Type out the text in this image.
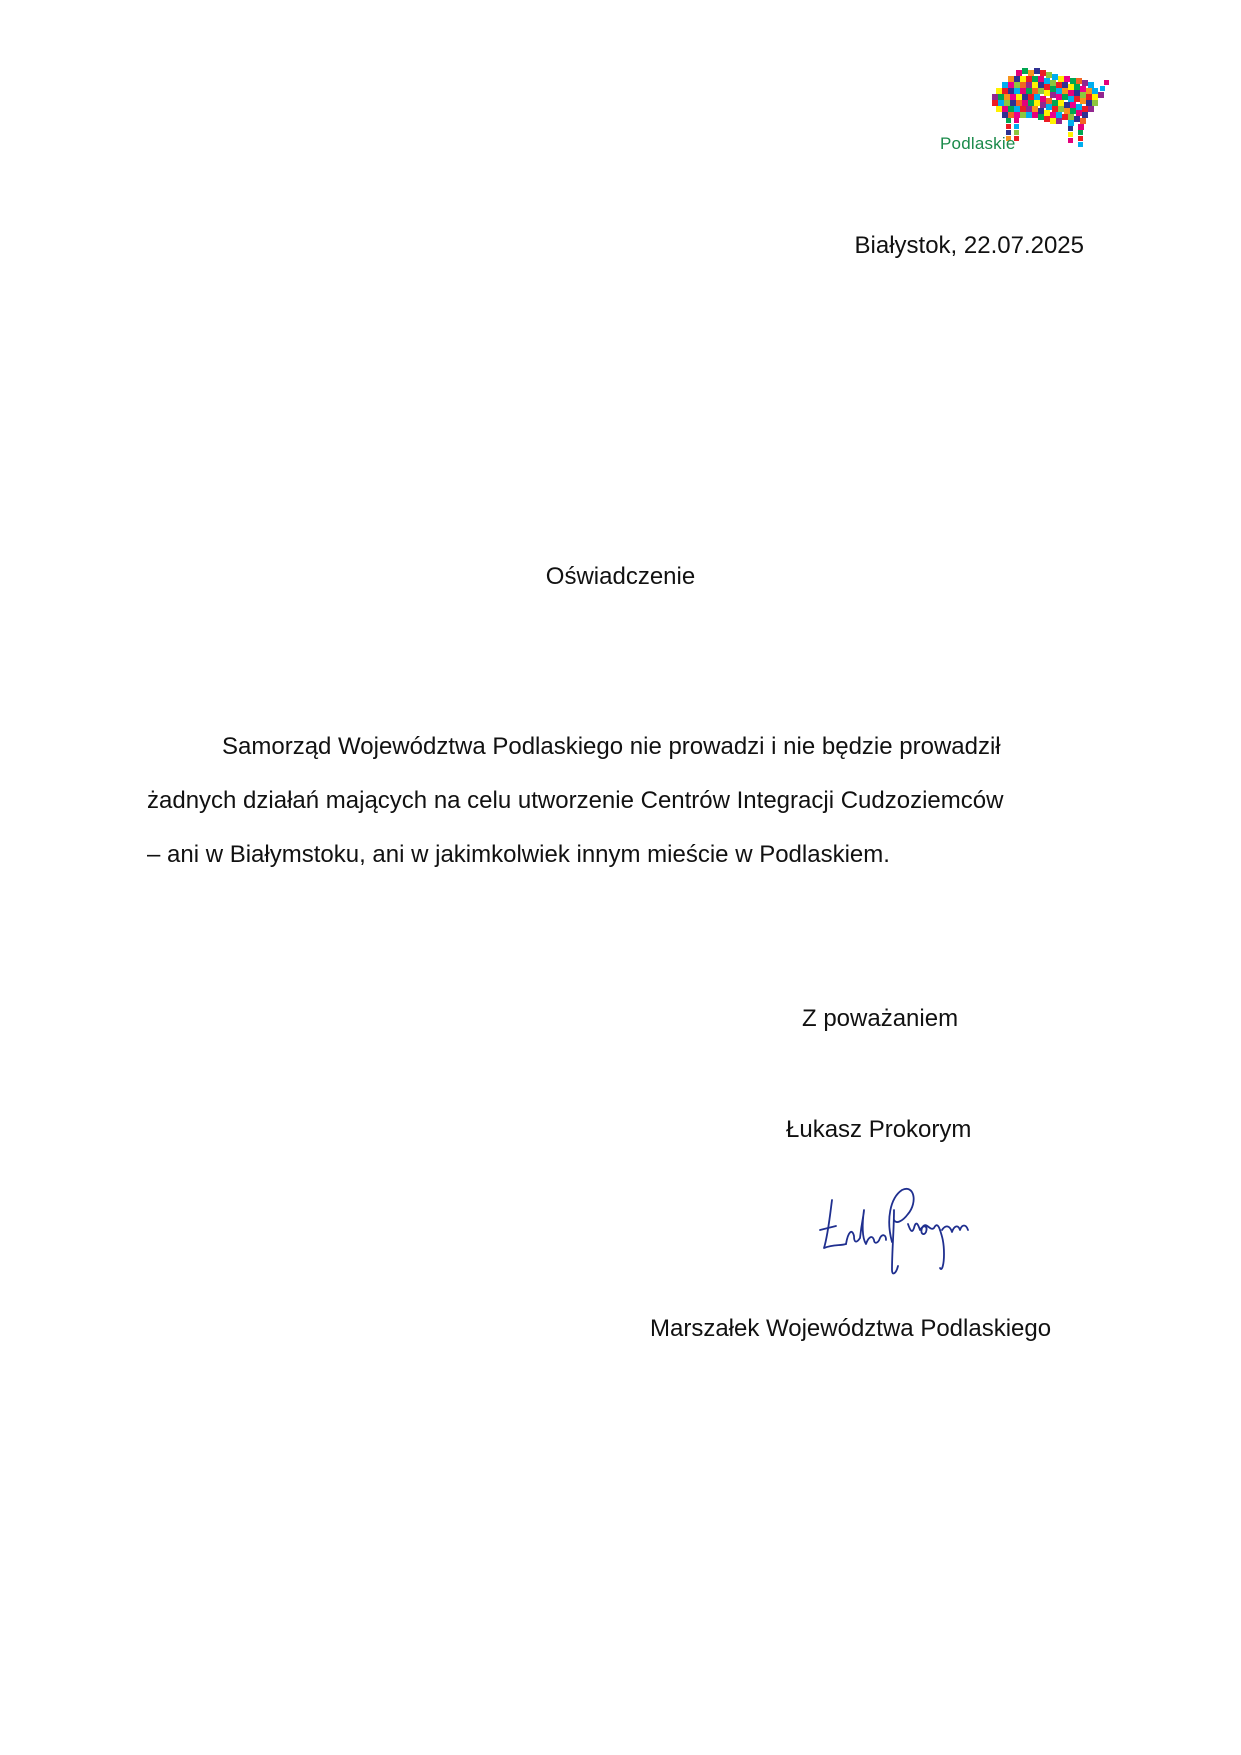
Podlaskie
Białystok, 22.07.2025
Oświadczenie

Samorząd Województwa Podlaskiego nie prowadzi i nie będzie prowadził
żadnych działań mających na celu utworzenie Centrów Integracji Cudzoziemców
– ani w Białymstoku, ani w jakimkolwiek innym mieście w Podlaskiem.

Z poważaniem
Łukasz Prokorym
Marszałek Województwa Podlaskiego
